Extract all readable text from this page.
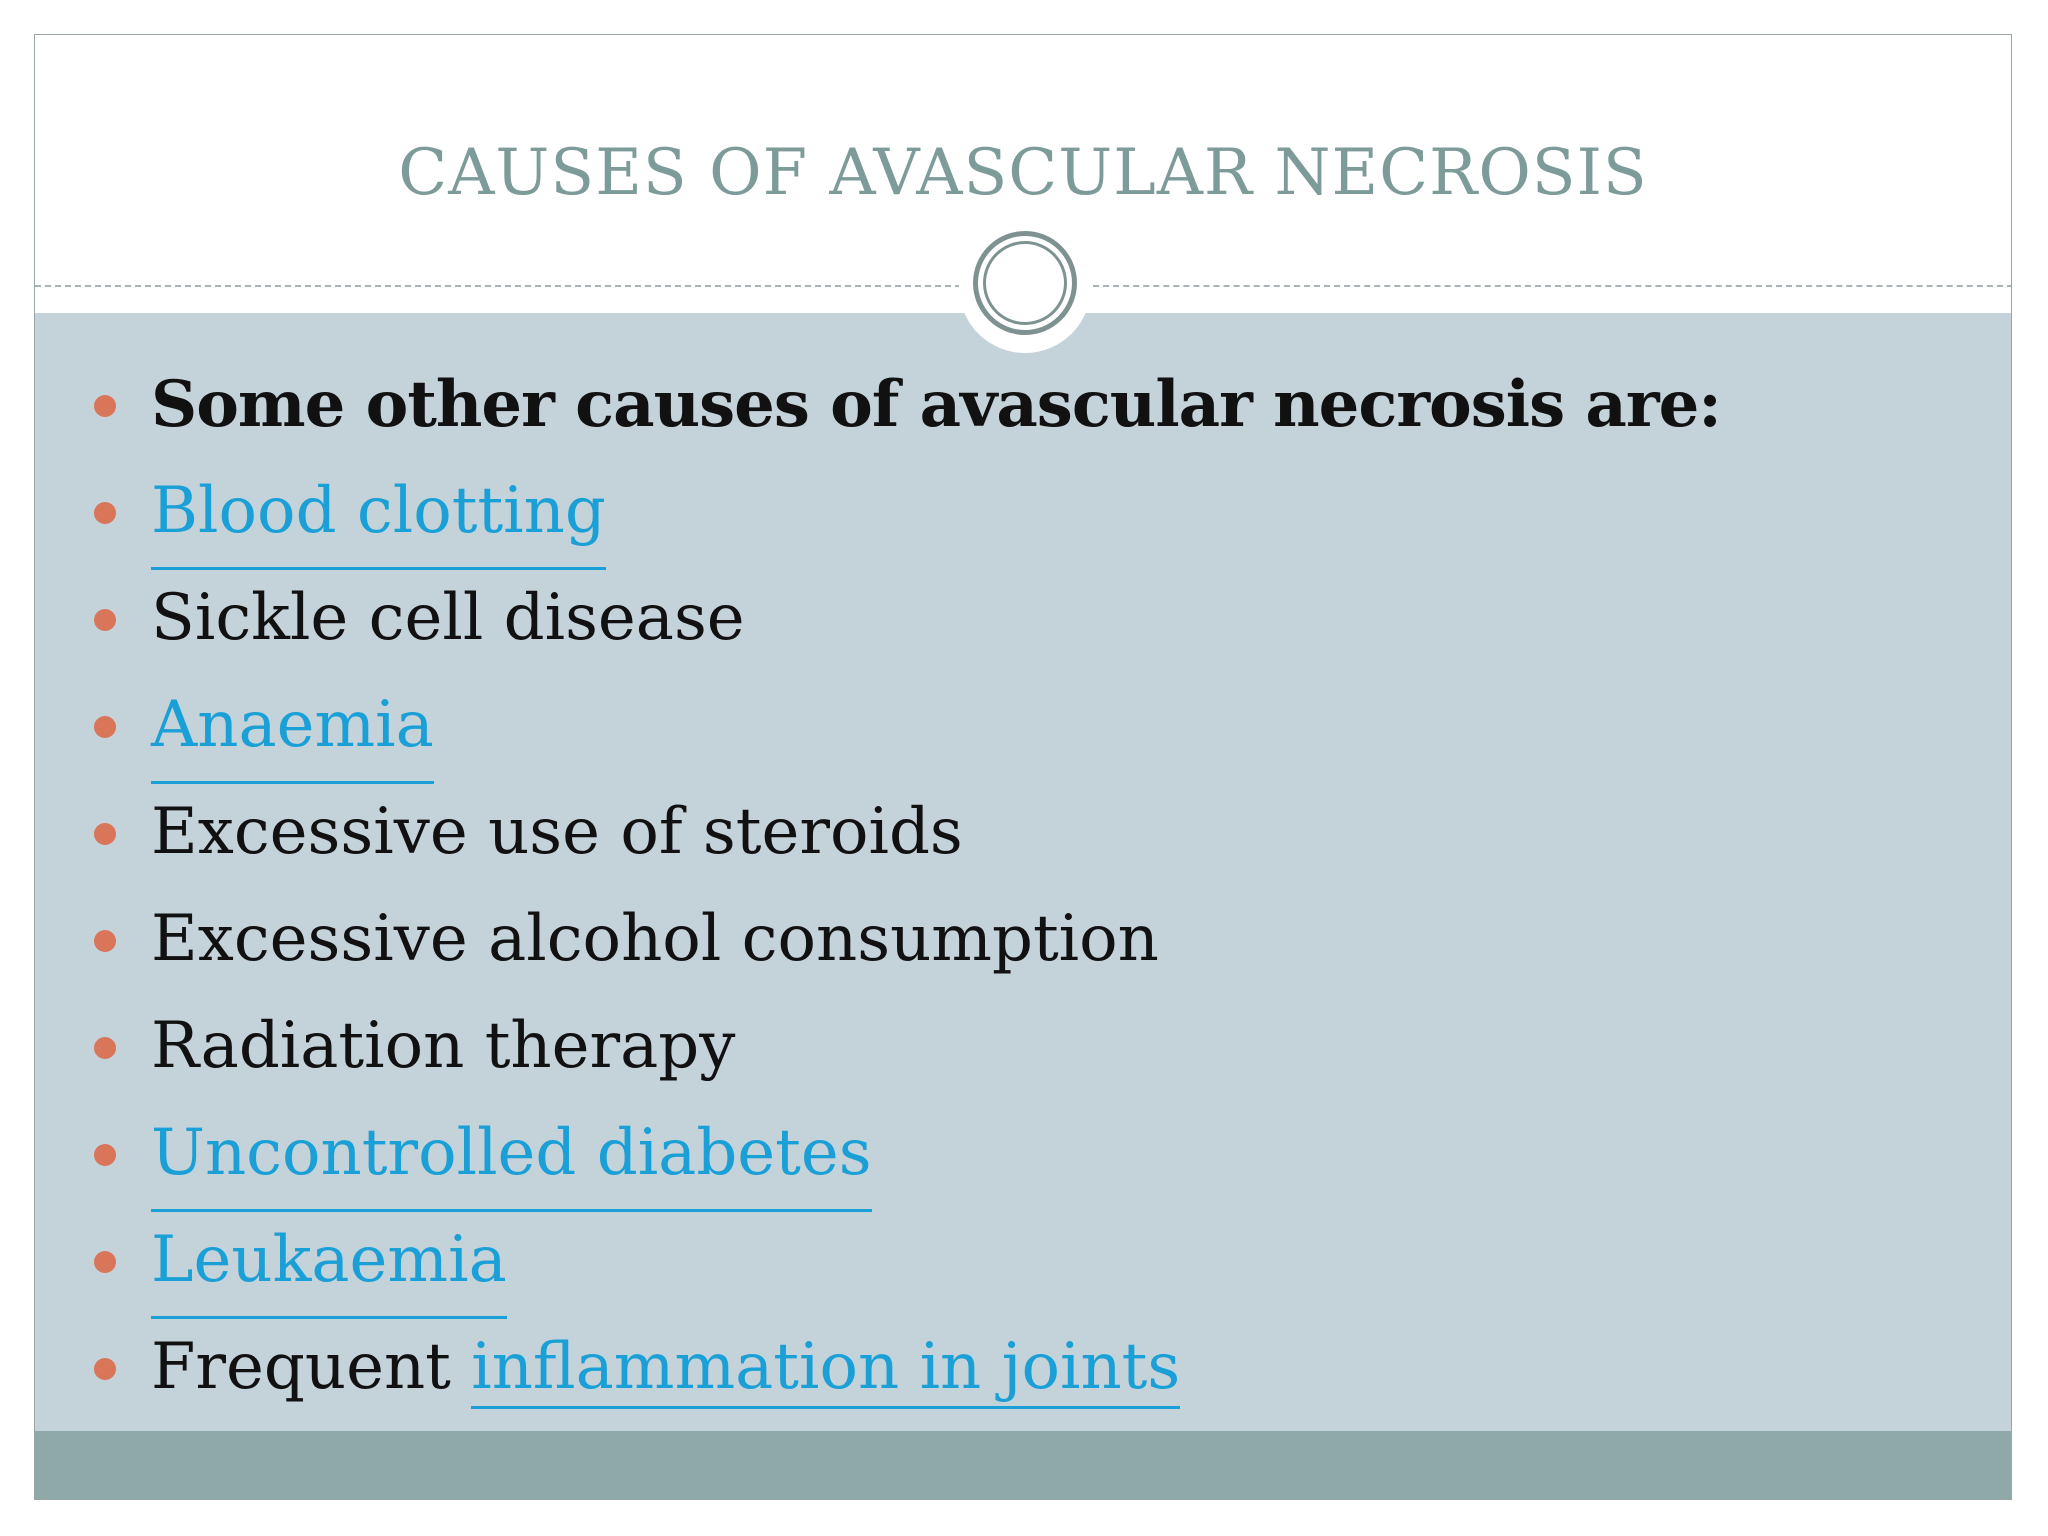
CAUSES OF AVASCULAR NECROSIS
Some other causes of avascular necrosis are:
Blood clotting
Sickle cell disease
Anaemia
Excessive use of steroids
Excessive alcohol consumption
Radiation therapy
Uncontrolled diabetes
Leukaemia
Frequent inflammation in joints
